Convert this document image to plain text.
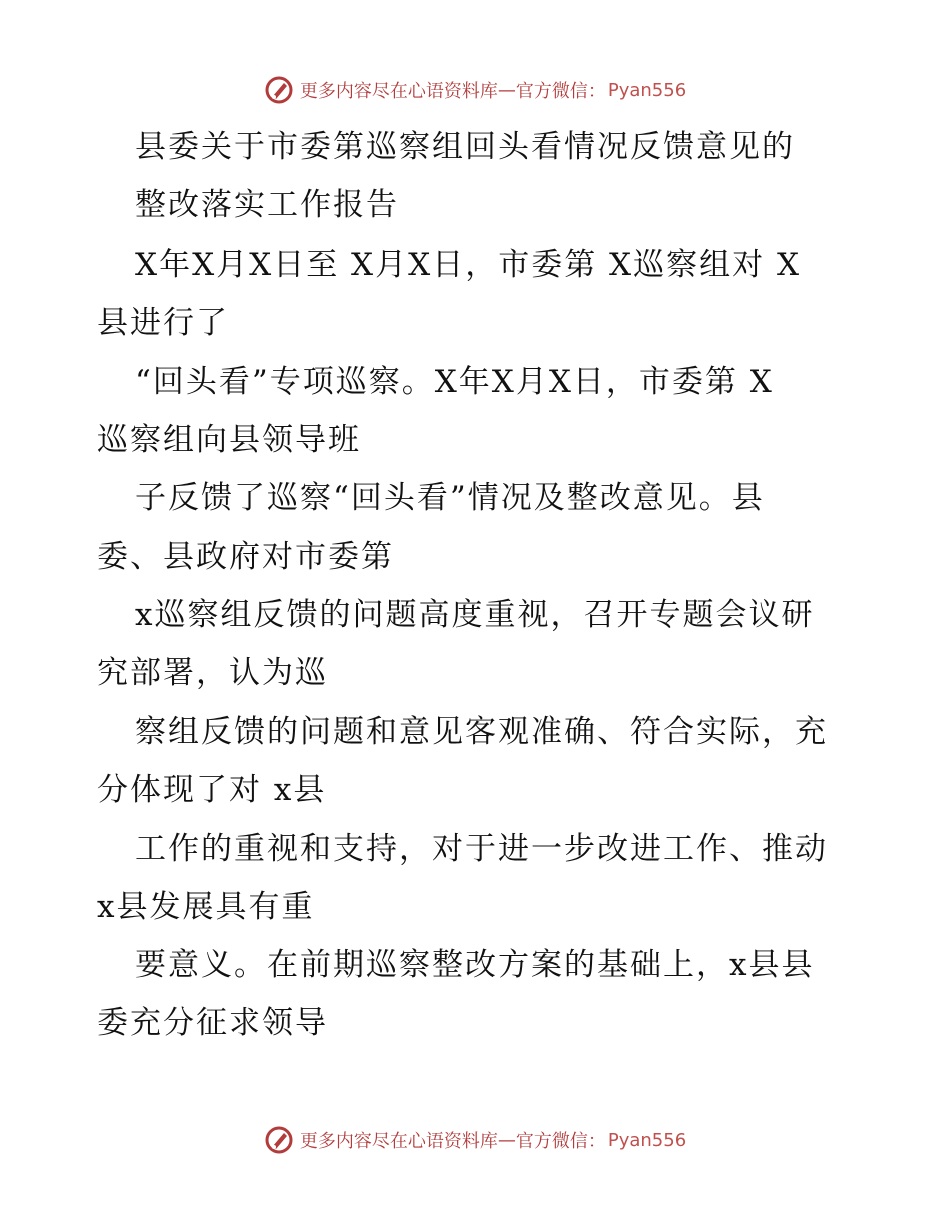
更多内容尽在心语资料库 — 官方微信： Pyan556
县委关于市委第巡察组回头看情况反馈意见的
整改落实工作报告
X年X月X日至 X月X日，市委第 X巡察组对 X
县进行了
“回头看”专项巡察。X年X月X日，市委第 X
巡察组向县领导班
子反馈了巡察“回头看”情况及整改意见。县
委、县政府对市委第
x巡察组反馈的问题高度重视，召开专题会议研
究部署，认为巡
察组反馈的问题和意见客观准确、符合实际，充
分体现了对 x县
工作的重视和支持，对于进一步改进工作、推动
x县发展具有重
要意义。在前期巡察整改方案的基础上，x县县
委充分征求领导
更多内容尽在心语资料库 — 官方微信： Pyan556
